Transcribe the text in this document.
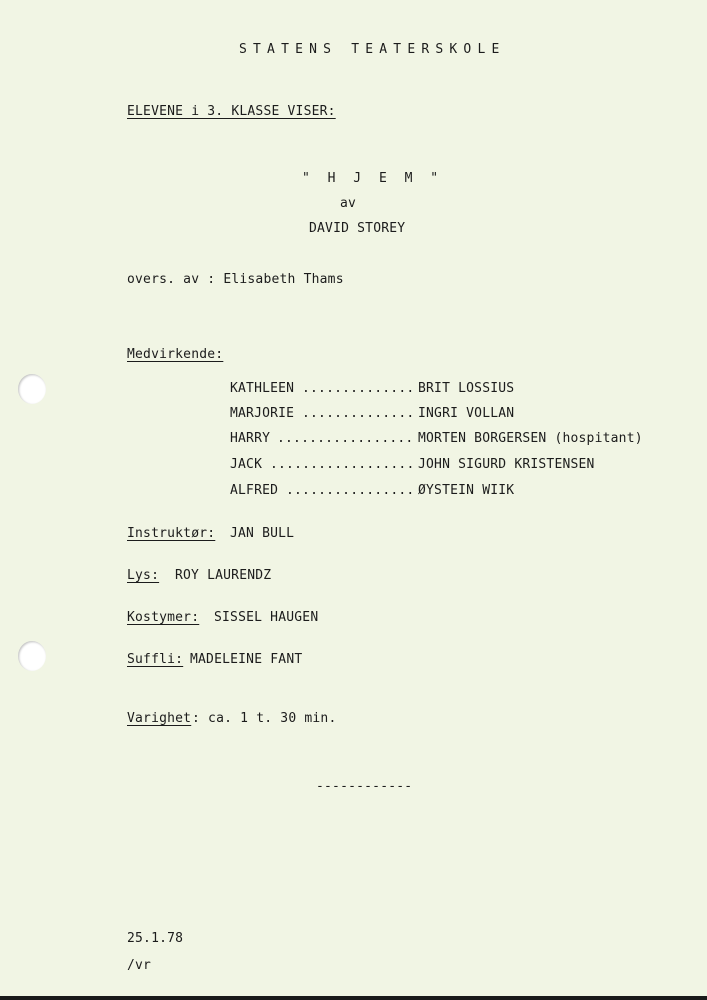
STATENS TEATERSKOLE
ELEVENE i 3. KLASSE VISER:
" H J E M "
av
DAVID STOREY
overs. av : Elisabeth Thams
Medvirkende:
KATHLEEN .............. BRIT LOSSIUS
MARJORIE .............. INGRI VOLLAN
HARRY ................. MORTEN BORGERSEN (hospitant)
JACK .................. JOHN SIGURD KRISTENSEN
ALFRED ................ ØYSTEIN WIIK
Instruktør: JAN BULL
Lys: ROY LAURENDZ
Kostymer: SISSEL HAUGEN
Suffli: MADELEINE FANT
Varighet : ca. 1 t. 30 min.
------------
25.1.78
/vr
